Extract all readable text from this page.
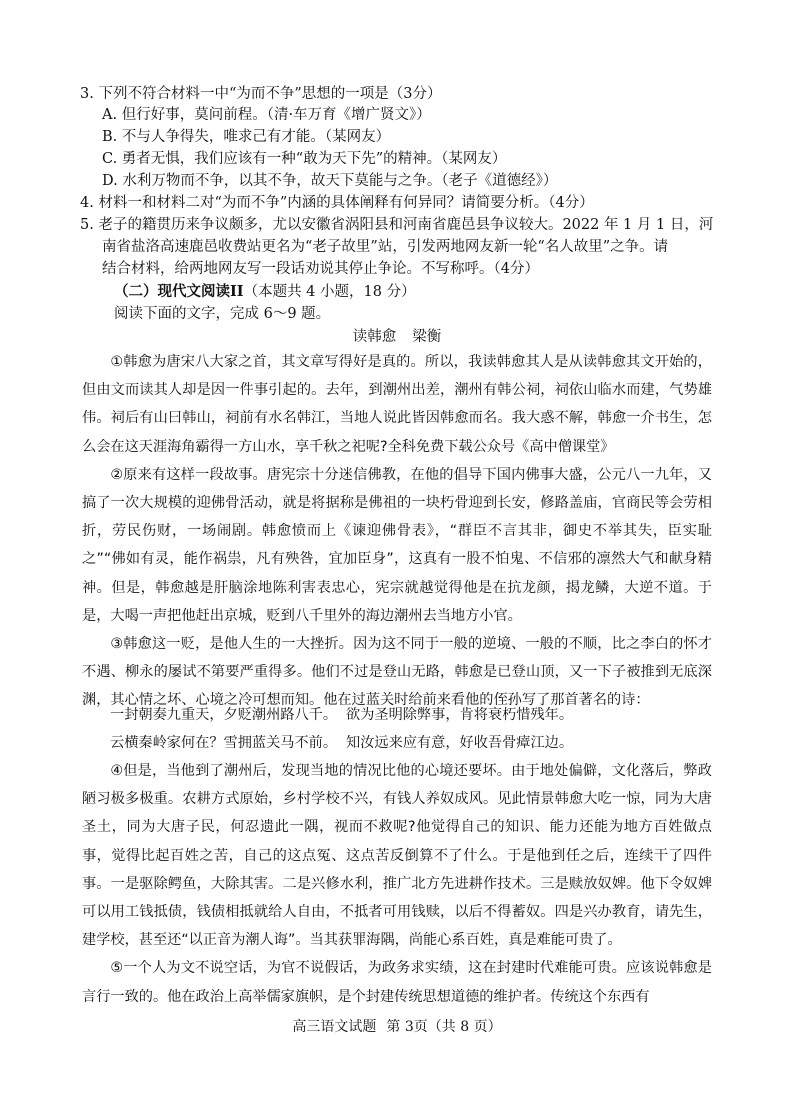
3. 下列不符合材料一中“为而不争”思想的一项是（3分）
A. 但行好事，莫问前程。（清·车万育《增广贤文》）
B. 不与人争得失，唯求己有才能。（某网友）
C. 勇者无惧，我们应该有一种“敢为天下先”的精神。（某网友）
D. 水利万物而不争，以其不争，故天下莫能与之争。（老子《道德经》）
4. 材料一和材料二对“为而不争”内涵的具体阐释有何异同？请简要分析。（4分）
5. 老子的籍贯历来争议颇多，尤以安徽省涡阳县和河南省鹿邑县争议较大。2022 年 1 月 1 日，河
南省盐洛高速鹿邑收费站更名为“老子故里”站，引发两地网友新一轮“名人故里”之争。请
结合材料，给两地网友写一段话劝说其停止争论。不写称呼。（4分）
（二）现代文阅读II（本题共 4 小题，18 分）
阅读下面的文字，完成 6～9 题。
读韩愈 梁衡

①韩愈为唐宋八大家之首，其文章写得好是真的。所以，我读韩愈其人是从读韩愈其文开始的，但由文而读其人却是因一件事引起的。去年，到潮州出差，潮州有韩公祠，祠依山临水而建，气势雄伟。祠后有山曰韩山，祠前有水名韩江，当地人说此皆因韩愈而名。我大惑不解，韩愈一介书生，怎么会在这天涯海角霸得一方山水，享千秋之祀呢?全科免费下载公众号《高中僧课堂》

②原来有这样一段故事。唐宪宗十分迷信佛教，在他的倡导下国内佛事大盛，公元八一九年，又搞了一次大规模的迎佛骨活动，就是将据称是佛祖的一块朽骨迎到长安，修路盖庙，官商民等会劳相折，劳民伤财，一场闹剧。韩愈愤而上《谏迎佛骨表》，“群臣不言其非，御史不举其失，臣实耻之”“佛如有灵，能作祸祟，凡有殃咎，宜加臣身”，这真有一股不怕鬼、不信邪的凛然大气和献身精神。但是，韩愈越是肝脑涂地陈利害表忠心，宪宗就越觉得他是在抗龙颜，揭龙鳞，大逆不道。于是，大喝一声把他赶出京城，贬到八千里外的海边潮州去当地方小官。

③韩愈这一贬，是他人生的一大挫折。因为这不同于一般的逆境、一般的不顺，比之李白的怀才不遇、柳永的屡试不第要严重得多。他们不过是登山无路，韩愈是已登山顶，又一下子被推到无底深渊，其心情之坏、心境之冷可想而知。他在过蓝关时给前来看他的侄孙写了那首著名的诗：

一封朝奏九重天，夕贬潮州路八千。  欲为圣明除弊事，肯将衰朽惜残年。
云横秦岭家何在？雪拥蓝关马不前。  知汝远来应有意，好收吾骨瘴江边。

④但是，当他到了潮州后，发现当地的情况比他的心境还要坏。由于地处偏僻，文化落后，弊政陋习极多极重。农耕方式原始，乡村学校不兴，有钱人养奴成风。见此情景韩愈大吃一惊，同为大唐圣土，同为大唐子民，何忍遗此一隅，视而不救呢?他觉得自己的知识、能力还能为地方百姓做点事，觉得比起百姓之苦，自己的这点冤、这点苦反倒算不了什么。于是他到任之后，连续干了四件事。一是驱除鳄鱼，大除其害。二是兴修水利，推广北方先进耕作技术。三是赎放奴婢。他下令奴婢可以用工钱抵债，钱债相抵就给人自由，不抵者可用钱赎，以后不得蓄奴。四是兴办教育，请先生，建学校，甚至还“以正音为潮人诲”。当其获罪海隅，尚能心系百姓，真是难能可贵了。

⑤一个人为文不说空话，为官不说假话，为政务求实绩，这在封建时代难能可贵。应该说韩愈是言行一致的。他在政治上高举儒家旗帜，是个封建传统思想道德的维护者。传统这个东西有

高三语文试题 第 3页（共 8 页）
